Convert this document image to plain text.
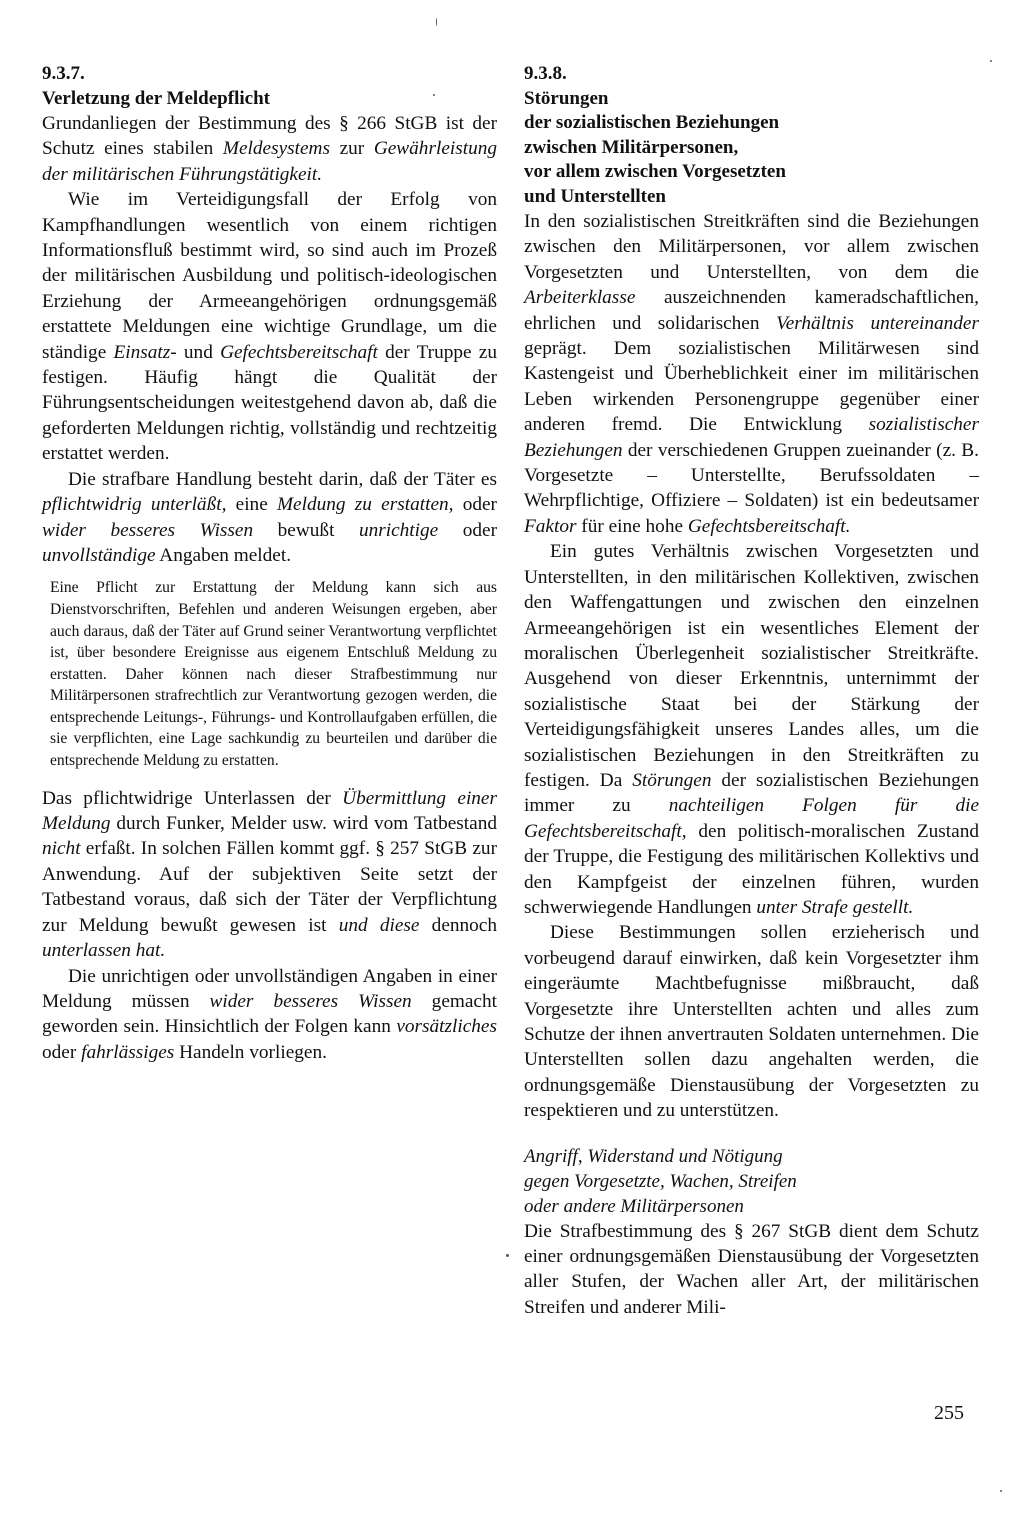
9.3.7.
Verletzung der Meldepflicht

Grundanliegen der Bestimmung des § 266 StGB ist der Schutz eines stabilen Meldesystems zur Gewährleistung der militärischen Führungstätigkeit.

Wie im Verteidigungsfall der Erfolg von Kampfhandlungen wesentlich von einem richtigen Informationsfluß bestimmt wird, so sind auch im Prozeß der militärischen Ausbildung und politisch-ideologischen Erziehung der Armeeangehörigen ordnungsgemäß erstattete Meldungen eine wichtige Grundlage, um die ständige Einsatz- und Gefechtsbereitschaft der Truppe zu festigen. Häufig hängt die Qualität der Führungsentscheidungen weitestgehend davon ab, daß die geforderten Meldungen richtig, vollständig und rechtzeitig erstattet werden.

Die strafbare Handlung besteht darin, daß der Täter es pflichtwidrig unterläßt, eine Meldung zu erstatten, oder wider besseres Wissen bewußt unrichtige oder unvollständige Angaben meldet.

Eine Pflicht zur Erstattung der Meldung kann sich aus Dienstvorschriften, Befehlen und anderen Weisungen ergeben, aber auch daraus, daß der Täter auf Grund seiner Verantwortung verpflichtet ist, über besondere Ereignisse aus eigenem Entschluß Meldung zu erstatten. Daher können nach dieser Strafbestimmung nur Militärpersonen strafrechtlich zur Verantwortung gezogen werden, die entsprechende Leitungs-, Führungs- und Kontrollaufgaben erfüllen, die sie verpflichten, eine Lage sachkundig zu beurteilen und darüber die entsprechende Meldung zu erstatten.

Das pflichtwidrige Unterlassen der Übermittlung einer Meldung durch Funker, Melder usw. wird vom Tatbestand nicht erfaßt. In solchen Fällen kommt ggf. § 257 StGB zur Anwendung. Auf der subjektiven Seite setzt der Tatbestand voraus, daß sich der Täter der Verpflichtung zur Meldung bewußt gewesen ist und diese dennoch unterlassen hat.

Die unrichtigen oder unvollständigen Angaben in einer Meldung müssen wider besseres Wissen gemacht geworden sein. Hinsichtlich der Folgen kann vorsätzliches oder fahrlässiges Handeln vorliegen.

9.3.8.
Störungen
der sozialistischen Beziehungen
zwischen Militärpersonen,
vor allem zwischen Vorgesetzten
und Unterstellten

In den sozialistischen Streitkräften sind die Beziehungen zwischen den Militärpersonen, vor allem zwischen Vorgesetzten und Unterstellten, von dem die Arbeiterklasse auszeichnenden kameradschaftlichen, ehrlichen und solidarischen Verhältnis untereinander geprägt. Dem sozialistischen Militärwesen sind Kastengeist und Überheblichkeit einer im militärischen Leben wirkenden Personengruppe gegenüber einer anderen fremd. Die Entwicklung sozialistischer Beziehungen der verschiedenen Gruppen zueinander (z. B. Vorgesetzte – Unterstellte, Berufssoldaten – Wehrpflichtige, Offiziere – Soldaten) ist ein bedeutsamer Faktor für eine hohe Gefechtsbereitschaft.

Ein gutes Verhältnis zwischen Vorgesetzten und Unterstellten, in den militärischen Kollektiven, zwischen den Waffengattungen und zwischen den einzelnen Armeeangehörigen ist ein wesentliches Element der moralischen Überlegenheit sozialistischer Streitkräfte. Ausgehend von dieser Erkenntnis, unternimmt der sozialistische Staat bei der Stärkung der Verteidigungsfähigkeit unseres Landes alles, um die sozialistischen Beziehungen in den Streitkräften zu festigen. Da Störungen der sozialistischen Beziehungen immer zu nachteiligen Folgen für die Gefechtsbereitschaft, den politisch-moralischen Zustand der Truppe, die Festigung des militärischen Kollektivs und den Kampfgeist der einzelnen führen, wurden schwerwiegende Handlungen unter Strafe gestellt.

Diese Bestimmungen sollen erzieherisch und vorbeugend darauf einwirken, daß kein Vorgesetzter ihm eingeräumte Machtbefugnisse mißbraucht, daß Vorgesetzte ihre Unterstellten achten und alles zum Schutze der ihnen anvertrauten Soldaten unternehmen. Die Unterstellten sollen dazu angehalten werden, die ordnungsgemäße Dienstausübung der Vorgesetzten zu respektieren und zu unterstützen.

Angriff, Widerstand und Nötigung
gegen Vorgesetzte, Wachen, Streifen
oder andere Militärpersonen

Die Strafbestimmung des § 267 StGB dient dem Schutz einer ordnungsgemäßen Dienstausübung der Vorgesetzten aller Stufen, der Wachen aller Art, der militärischen Streifen und anderer Mili-

255
